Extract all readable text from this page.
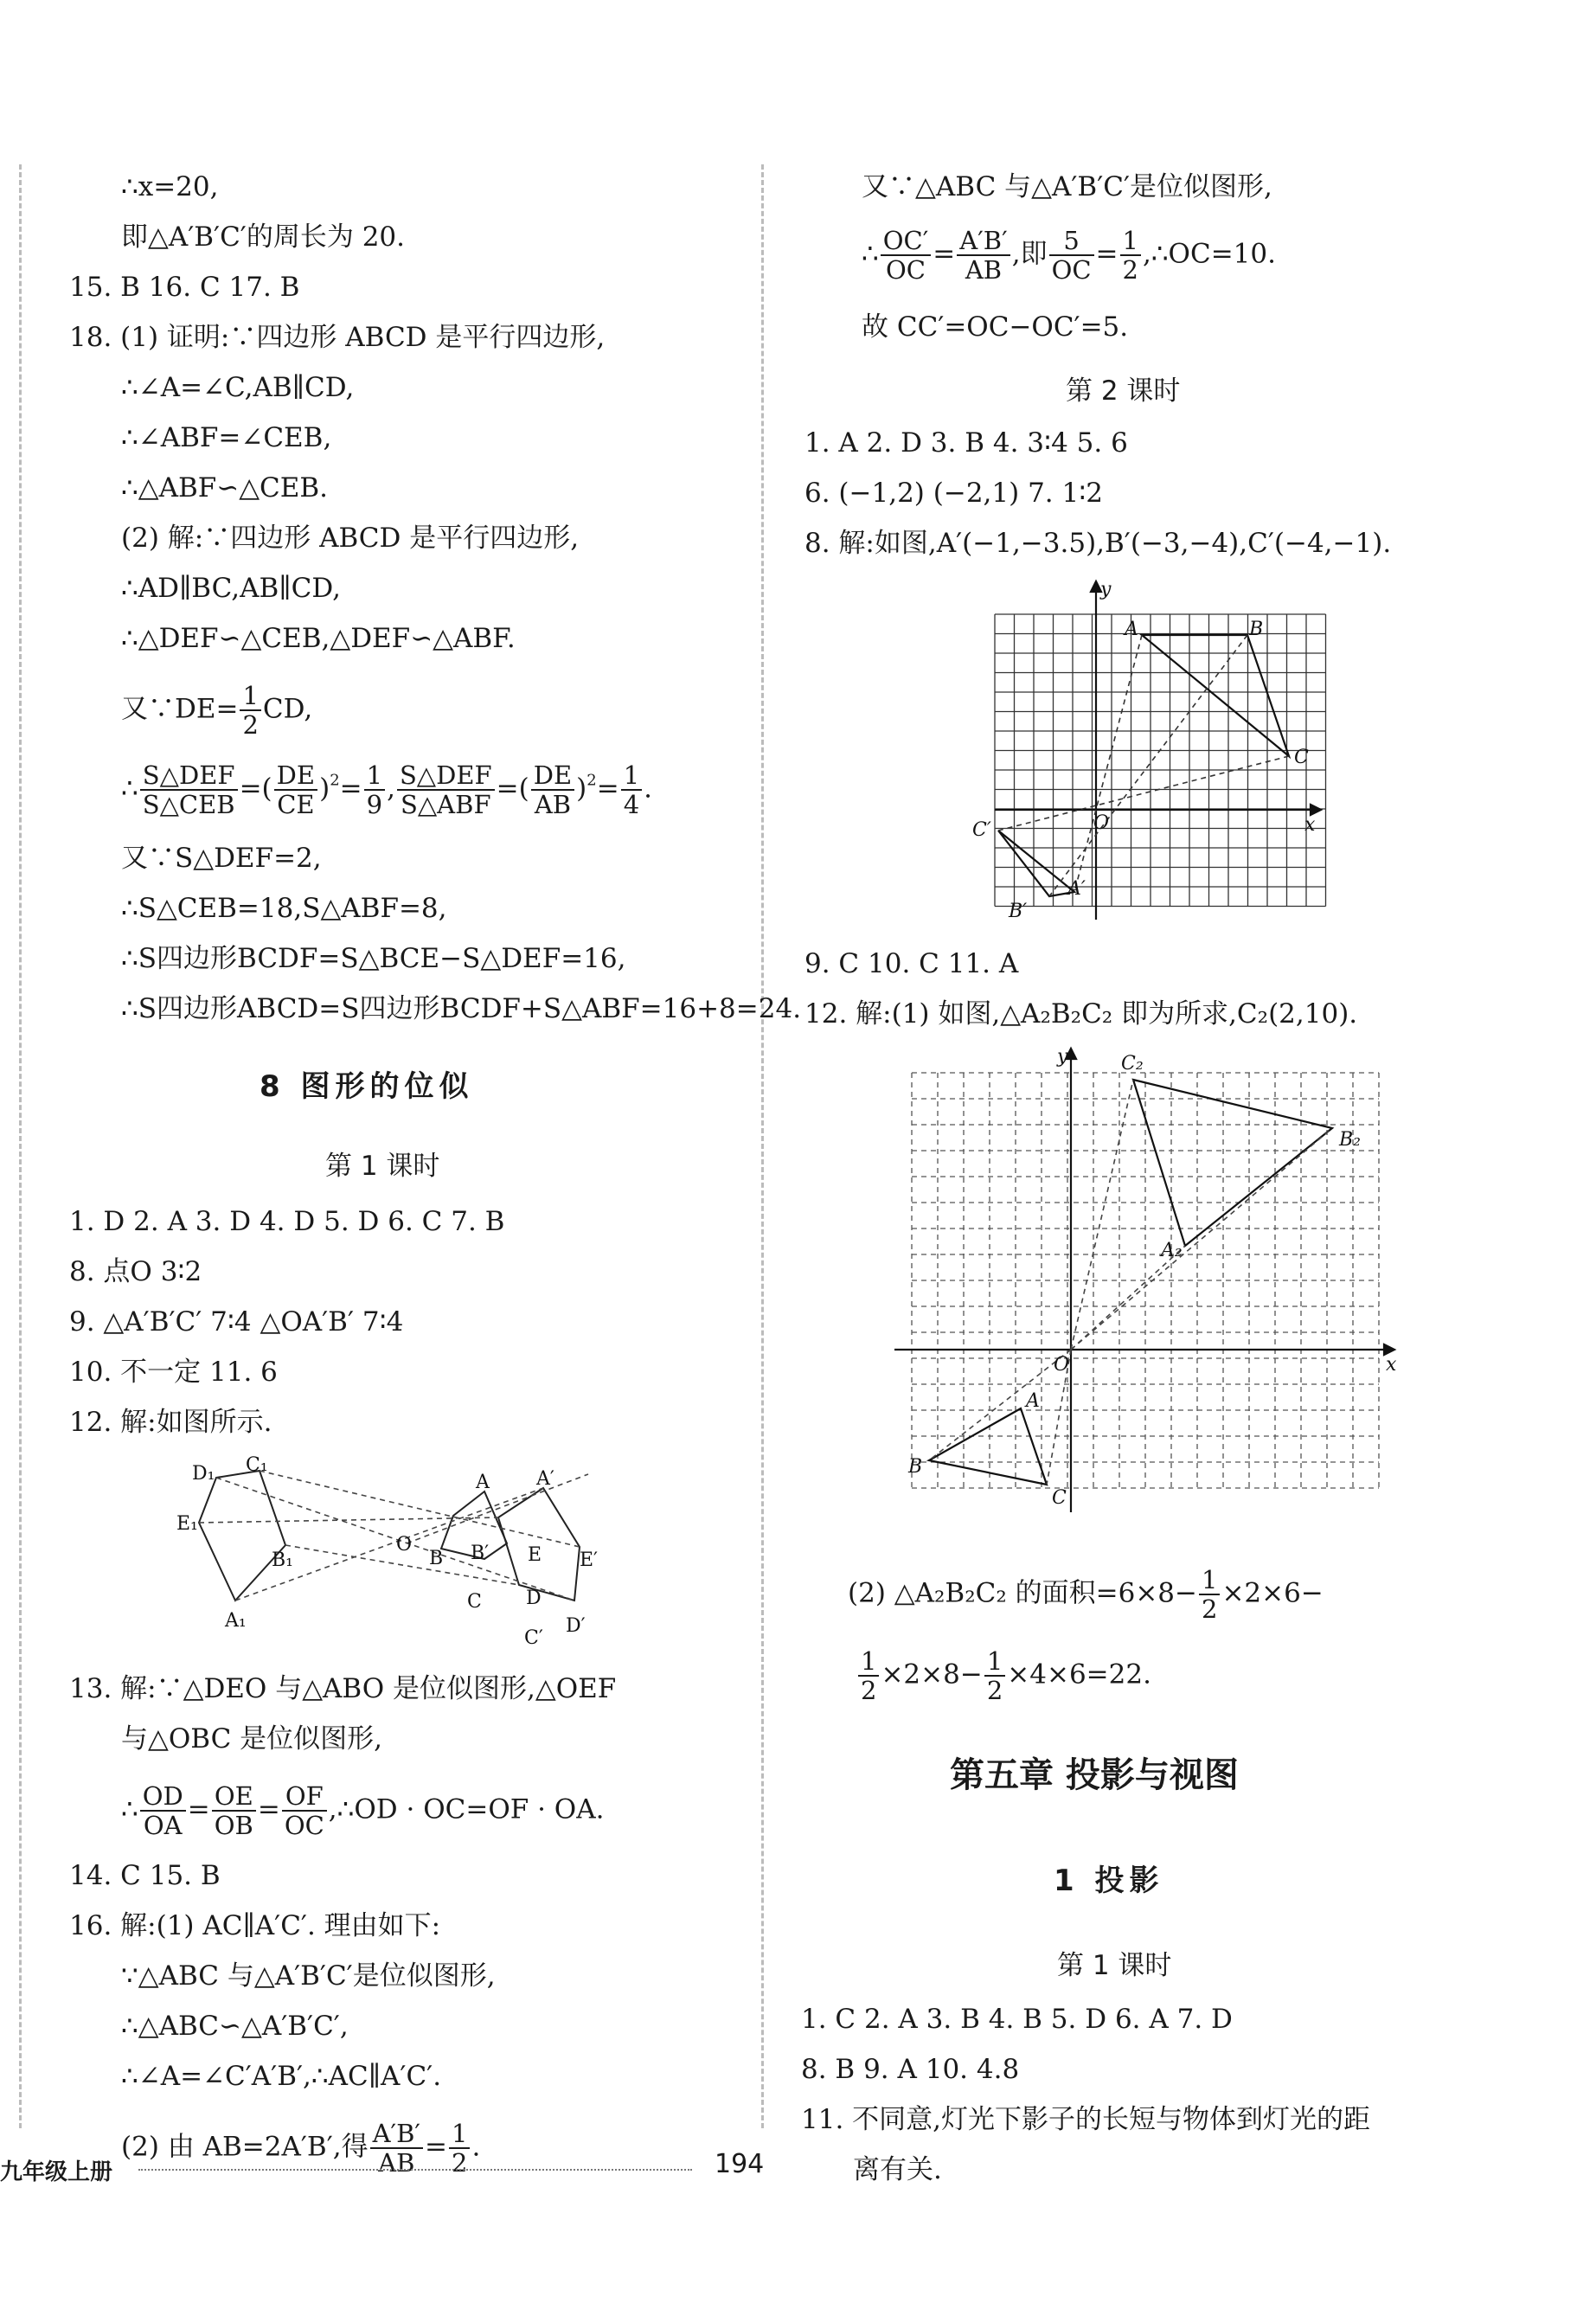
∴x=20,
即△A′B′C′的周长为 20.
15. B 16. C 17. B
18. (1) 证明:∵四边形 ABCD 是平行四边形,
∴∠A=∠C,AB∥CD,
∴∠ABF=∠CEB,
∴△ABF∽△CEB.
(2) 解:∵四边形 ABCD 是平行四边形,
∴AD∥BC,AB∥CD,
∴△DEF∽△CEB,△DEF∽△ABF.
又∵DE= $\frac{1}{2}$ CD,
∴ $\frac{\text{S△DEF}}{\text{S△CEB}}$ =( $\frac{DE}{CE} )^2= \frac{1}{9}$ , $\frac{\text{S△DEF}}{\text{S△ABF}}$ =( $\frac{DE}{AB} )^2= \frac{1}{4}$ .
又∵S△DEF=2,
∴S△CEB=18,S△ABF=8,
∴S四边形BCDF=S△BCE−S△DEF=16,
∴S四边形ABCD=S四边形BCDF+S△ABF=16+8=24.
8 图形的位似
第 1 课时
1. D 2. A 3. D 4. D 5. D 6. C 7. B
8. 点O 3∶2
9. △A′B′C′ 7∶4 △OA′B′ 7∶4
10. 不一定 11. 6
12. 解:如图所示.
D₁ C₁
E₁
B₁
A₁
O
A A′
B B′ E E′
C
C′
D
D′
13. 解:∵△DEO 与△ABO 是位似图形,△OEF
与△OBC 是位似图形,
∴ $\frac{OD}{OA} = \frac{OE}{OB} = \frac{OF}{OC}$ ,∴OD · OC=OF · OA.
14. C 15. B
16. 解:(1) AC∥A′C′. 理由如下:
∵△ABC 与△A′B′C′是位似图形,
∴△ABC∽△A′B′C′,
∴∠A=∠C′A′B′,∴AC∥A′C′.
(2) 由 AB=2A′B′,得 $\frac{A'B'}{AB} = \frac{1}{2}$ .
又∵△ABC 与△A′B′C′是位似图形,
∴ $\frac{OC'}{OC} = \frac{A'B'}{AB}$ ,即 $\frac{5}{OC} = \frac{1}{2}$ ,∴OC=10.
故 CC′=OC−OC′=5.
第 2 课时
1. A 2. D 3. B 4. 3∶4 5. 6
6. (−1,2) (−2,1) 7. 1∶2
8. 解:如图,A′(−1,−3.5),B′(−3,−4),C′(−4,−1).
y
x
O
A	B
C
C′
B′
A′
9. C 10. C 11. A
12. 解:(1) 如图,△A₂B₂C₂ 即为所求,C₂(2,10).
y
x
O
C₂
B₂
A₂
A
B
C
(2) △A₂B₂C₂ 的面积$=6\times 8- \frac{1}{2} \times 2\times 6-$
$\frac{1}{2} \times 2\times 8- \frac{1}{2} \times 4\times 6=22$.
第五章 投影与视图
1 投影
第 1 课时
1. C 2. A 3. B 4. B 5. D 6. A 7. D
8. B 9. A 10. 4.8
11. 不同意,灯光下影子的长短与物体到灯光的距
离有关.
九年级上册	194
